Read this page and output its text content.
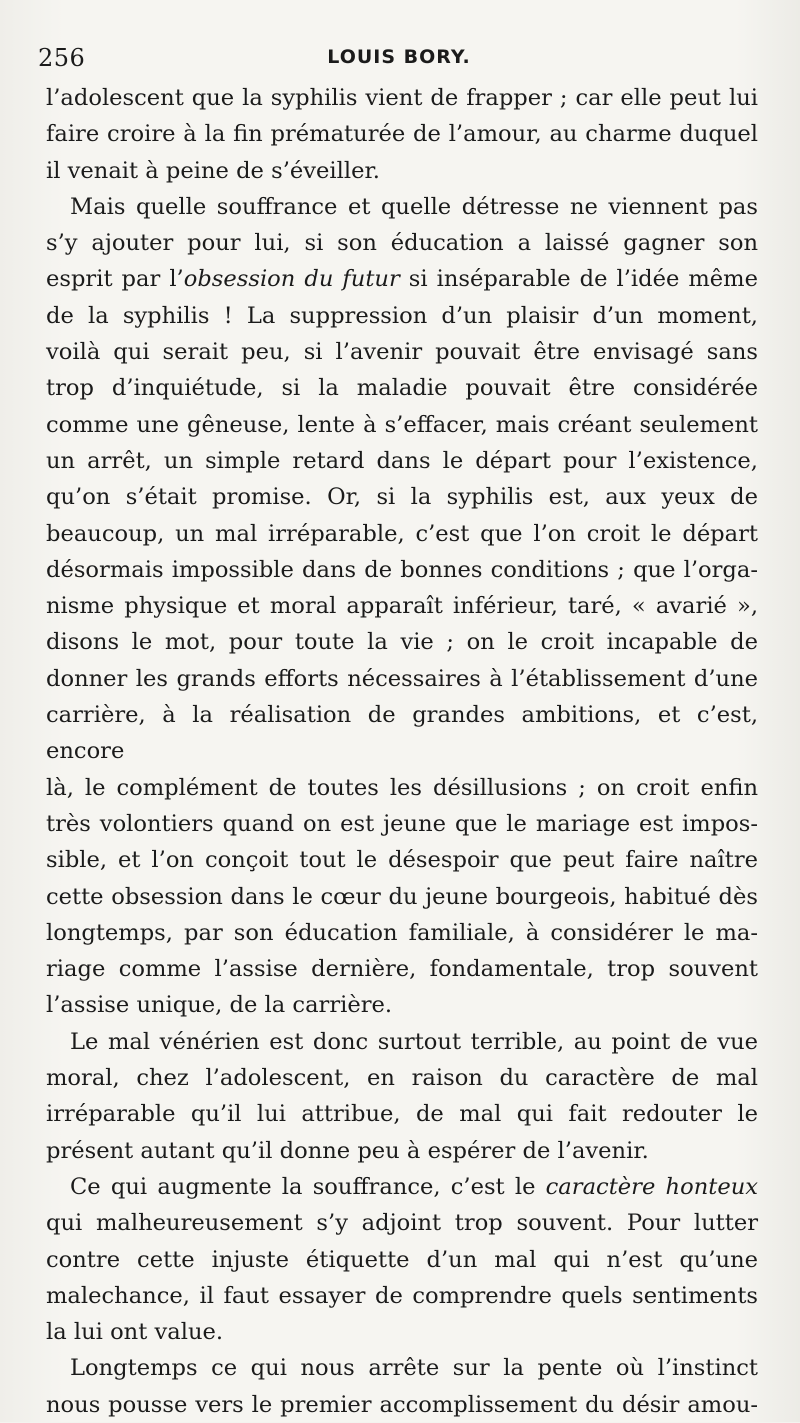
256	LOUIS BORY.

l’adolescent que la syphilis vient de frapper ; car elle peut lui

faire croire à la fin prématurée de l’amour, au charme duquel

il venait à peine de s’éveiller.

Mais quelle souffrance et quelle détresse ne viennent pas

s’y ajouter pour lui, si son éducation a laissé gagner son

esprit par l’obsession du futur si inséparable de l’idée même

de la syphilis ! La suppression d’un plaisir d’un moment,

voilà qui serait peu, si l’avenir pouvait être envisagé sans

trop d’inquiétude, si la maladie pouvait être considérée

comme une gêneuse, lente à s’effacer, mais créant seulement

un arrêt, un simple retard dans le départ pour l’existence,

qu’on s’était promise. Or, si la syphilis est, aux yeux de

beaucoup, un mal irréparable, c’est que l’on croit le départ

désormais impossible dans de bonnes conditions ; que l’orga-

nisme physique et moral apparaît inférieur, taré, « avarié »,

disons le mot, pour toute la vie ; on le croit incapable de

donner les grands efforts nécessaires à l’établissement d’une

carrière, à la réalisation de grandes ambitions, et c’est, encore

là, le complément de toutes les désillusions ; on croit enfin

très volontiers quand on est jeune que le mariage est impos-

sible, et l’on conçoit tout le désespoir que peut faire naître

cette obsession dans le cœur du jeune bourgeois, habitué dès

longtemps, par son éducation familiale, à considérer le ma-

riage comme l’assise dernière, fondamentale, trop souvent

l’assise unique, de la carrière.

Le mal vénérien est donc surtout terrible, au point de vue

moral, chez l’adolescent, en raison du caractère de mal

irréparable qu’il lui attribue, de mal qui fait redouter le

présent autant qu’il donne peu à espérer de l’avenir.

Ce qui augmente la souffrance, c’est le caractère honteux

qui malheureusement s’y adjoint trop souvent. Pour lutter

contre cette injuste étiquette d’un mal qui n’est qu’une

malechance, il faut essayer de comprendre quels sentiments

la lui ont value.

Longtemps ce qui nous arrête sur la pente où l’instinct

nous pousse vers le premier accomplissement du désir amou-
